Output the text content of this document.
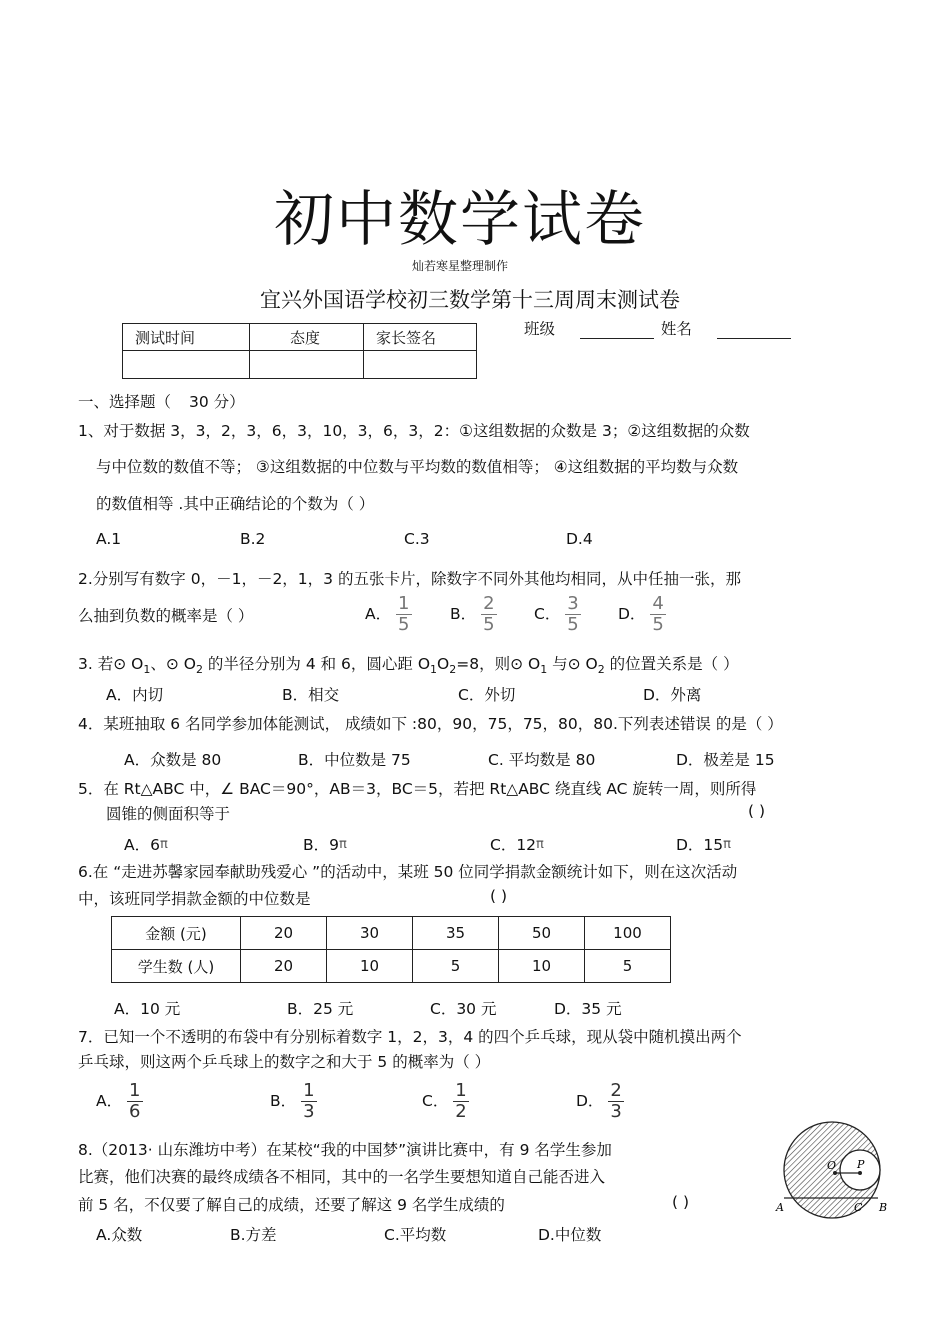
初中数学试卷
灿若寒星整理制作
宜兴外国语学校初三数学第十三周周末测试卷
测试时间	态度	家长签名
			班级	姓名
一、选择题（ 30 分）
1、对于数据 3，3，2，3，6，3，10，3，6，3，2：①这组数据的众数是 3；②这组数据的众数
与中位数的数值不等； ③这组数据的中位数与平均数的数值相等； ④这组数据的平均数与众数
的数值相等 .其中正确结论的个数为（ ）
A.1	B.2	C.3	D.4
2.分别写有数字 0，－1，－2，1，3 的五张卡片，除数字不同外其他均相同，从中任抽一张，那
么抽到负数的概率是（ ）	A． $\frac{1}{5}$ B． $\frac{2}{5}$ C． $\frac{3}{5}$ D． $\frac{4}{5}$
3. 若⊙ $O_1$、⊙ $O_2$ 的半径分别为 4 和 6，圆心距 $O_1O_2=8$，则⊙ $O_1$ 与⊙ $O_2$ 的位置关系是（ ）
A．内切	B．相交	C．外切	D．外离
4．某班抽取 6 名同学参加体能测试， 成绩如下 :80，90，75，75，80，80.下列表述错误 的是（ ）
A．众数是 80	B．中位数是 75	C. 平均数是 80	D．极差是 15
5．在 Rt△ABC 中，∠ BAC＝90°，AB＝3，BC＝5，若把 Rt△ABC 绕直线 AC 旋转一周，则所得
圆锥的侧面积等于	( )
A．6π	B．9π	C．12π	D．15π
6.在 “走进苏馨家园奉献助残爱心 ”的活动中，某班 50 位同学捐款金额统计如下，则在这次活动
中，该班同学捐款金额的中位数是	( )
金额 (元)	20	30	35	50	100
学生数 (人)	20	10	5	10	5
A．10 元	B．25 元	C．30 元	D．35 元
7．已知一个不透明的布袋中有分别标着数字 1，2，3，4 的四个乒乓球，现从袋中随机摸出两个
乒乓球，则这两个乒乓球上的数字之和大于 5 的概率为（ ）
A． $\frac{1}{6}$	B． $\frac{1}{3}$	C． $\frac{1}{2}$	D． $\frac{2}{3}$
8.（2013· 山东潍坊中考）在某校“我的中国梦”演讲比赛中，有 9 名学生参加
比赛，他们决赛的最终成绩各不相同，其中的一名学生要想知道自己能否进入
前 5 名，不仅要了解自己的成绩，还要了解这 9 名学生成绩的	( )
A.众数	B.方差	C.平均数	D.中位数
O P
A	C B
